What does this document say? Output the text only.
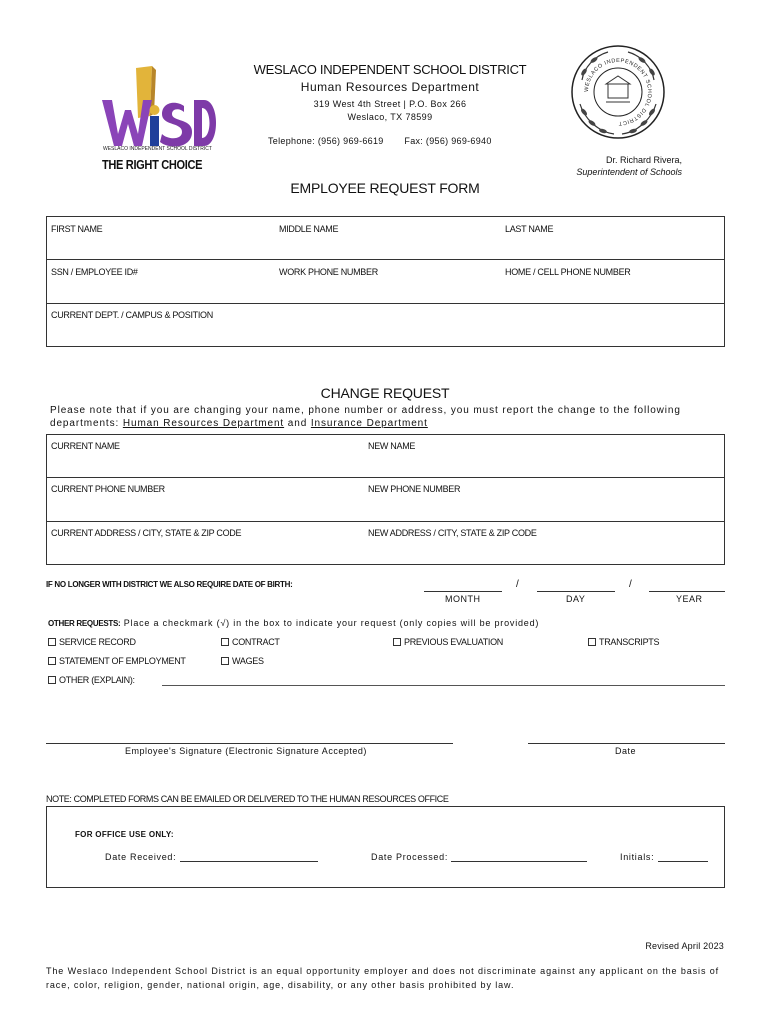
WESLACO INDEPENDENT SCHOOL DISTRICT
THE RIGHT CHOICE
WESLACO INDEPENDENT SCHOOL DISTRICT
Human Resources Department
319 West 4th Street | P.O. Box 266
Weslaco, TX 78599
Telephone: (956) 969-6619 Fax: (956) 969-6940
WESLACO INDEPENDENT SCHOOL DISTRICT
Dr. Richard Rivera,
Superintendent of Schools
EMPLOYEE REQUEST FORM
FIRST NAME	MIDDLE NAME	LAST NAME
SSN / EMPLOYEE ID#	WORK PHONE NUMBER	HOME / CELL PHONE NUMBER
CURRENT DEPT. / CAMPUS & POSITION
CHANGE REQUEST
Please note that if you are changing your name, phone number or address, you must report the change to the following departments: Human Resources Department and Insurance Department
CURRENT NAME	NEW NAME
CURRENT PHONE NUMBER	NEW PHONE NUMBER
CURRENT ADDRESS / CITY, STATE & ZIP CODE	NEW ADDRESS / CITY, STATE & ZIP CODE
IF NO LONGER WITH DISTRICT WE ALSO REQUIRE DATE OF BIRTH:	/	/
MONTH	DAY	YEAR
OTHER REQUESTS: Place a checkmark (√) in the box to indicate your request (only copies will be provided)
SERVICE RECORD	CONTRACT	PREVIOUS EVALUATION	TRANSCRIPTS
STATEMENT OF EMPLOYMENT	WAGES
OTHER (EXPLAIN):
Employee's Signature (Electronic Signature Accepted)	Date
NOTE: COMPLETED FORMS CAN BE EMAILED OR DELIVERED TO THE HUMAN RESOURCES OFFICE
FOR OFFICE USE ONLY:
Date Received:	Date Processed:	Initials:
Revised April 2023
The Weslaco Independent School District is an equal opportunity employer and does not discriminate against any applicant on the basis of race, color, religion, gender, national origin, age, disability, or any other basis prohibited by law.
